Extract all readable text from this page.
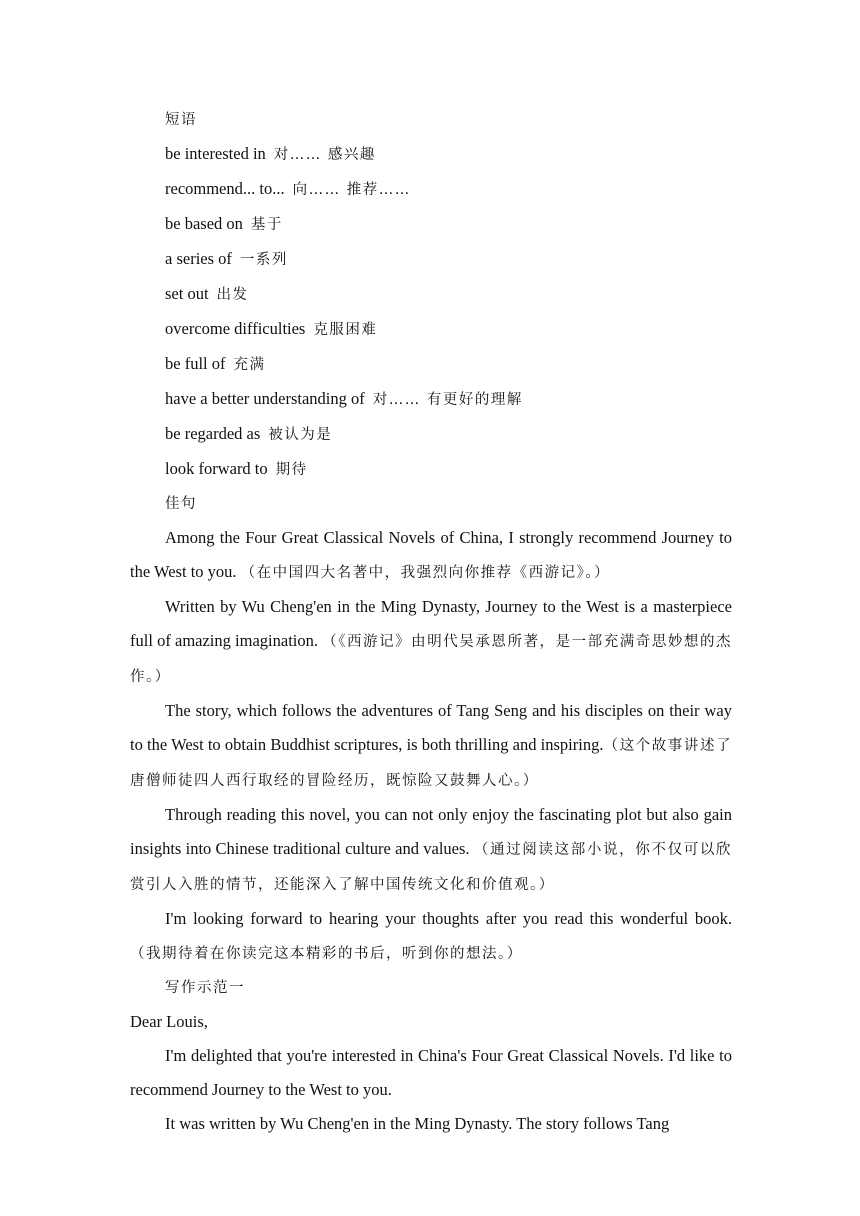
短语

be interested in 对…… 感兴趣

recommend... to... 向…… 推荐……

be based on 基于

a series of 一系列

set out 出发

overcome difficulties 克服困难

be full of 充满

have a better understanding of 对…… 有更好的理解

be regarded as 被认为是

look forward to 期待

佳句

Among the Four Great Classical Novels of China, I strongly recommend Journey to the West to you. （在中国四大名著中，我强烈向你推荐《西游记》。）

Written by Wu Cheng'en in the Ming Dynasty, Journey to the West is a masterpiece full of amazing imagination. （《西游记》由明代吴承恩所著，是一部充满奇思妙想的杰作。）

The story, which follows the adventures of Tang Seng and his disciples on their way to the West to obtain Buddhist scriptures, is both thrilling and inspiring.（这个故事讲述了唐僧师徒四人西行取经的冒险经历，既惊险又鼓舞人心。）

Through reading this novel, you can not only enjoy the fascinating plot but also gain insights into Chinese traditional culture and values. （通过阅读这部小说，你不仅可以欣赏引人入胜的情节，还能深入了解中国传统文化和价值观。）

I'm looking forward to hearing your thoughts after you read this wonderful book. （我期待着在你读完这本精彩的书后，听到你的想法。）

写作示范一

Dear Louis,

I'm delighted that you're interested in China's Four Great Classical Novels. I'd like to recommend Journey to the West to you.

It was written by Wu Cheng'en in the Ming Dynasty. The story follows Tang
